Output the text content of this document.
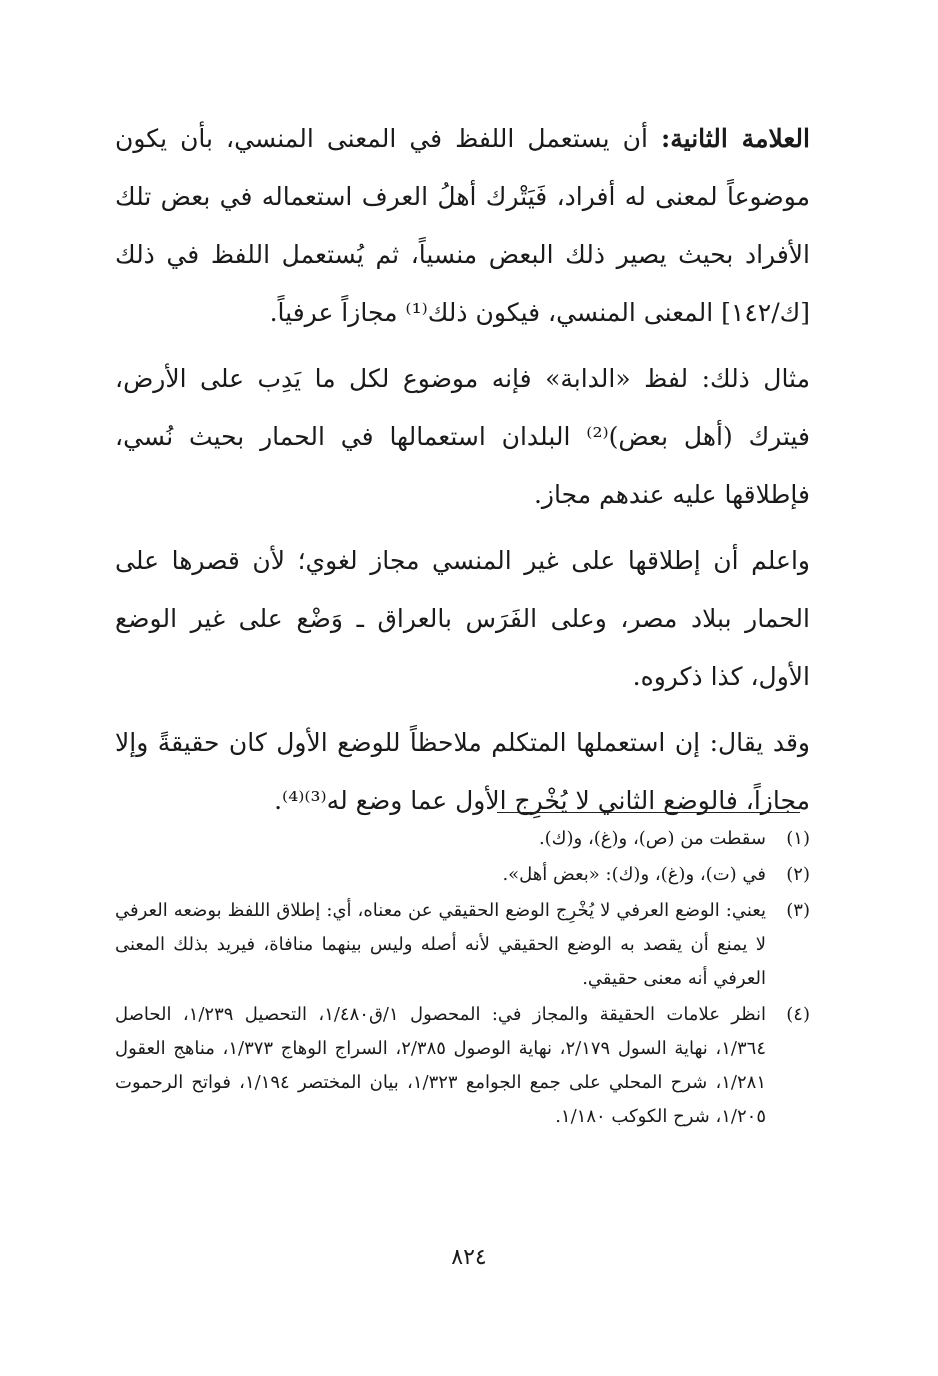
العلامة الثانية: أن يستعمل اللفظ في المعنى المنسي، بأن يكون موضوعاً لمعنى له أفراد، فَيَتْرك أهلُ العرف استعماله في بعض تلك الأفراد بحيث يصير ذلك البعض منسياً، ثم يُستعمل اللفظ في ذلك [ك/١٤٢] المعنى المنسي، فيكون ذلك⁽¹⁾ مجازاً عرفياً.

مثال ذلك: لفظ «الدابة» فإنه موضوع لكل ما يَدِب على الأرض، فيترك (أهل بعض)⁽²⁾ البلدان استعمالها في الحمار بحيث نُسي، فإطلاقها عليه عندهم مجاز.

واعلم أن إطلاقها على غير المنسي مجاز لغوي؛ لأن قصرها على الحمار ببلاد مصر، وعلى الفَرَس بالعراق ـ وَضْع على غير الوضع الأول، كذا ذكروه.

وقد يقال: إن استعملها المتكلم ملاحظاً للوضع الأول كان حقيقةً وإلا مجازاً، فالوضع الثاني لا يُخْرِج الأول عما وضع له⁽³⁾⁽⁴⁾.

(١)
سقطت من (ص)، و(غ)، و(ك).
(٢)
في (ت)، و(غ)، و(ك): «بعض أهل».
(٣)
يعني: الوضع العرفي لا يُخْرِج الوضع الحقيقي عن معناه، أي: إطلاق اللفظ بوضعه العرفي لا يمنع أن يقصد به الوضع الحقيقي لأنه أصله وليس بينهما منافاة، فيريد بذلك المعنى العرفي أنه معنى حقيقي.
(٤)
انظر علامات الحقيقة والمجاز في: المحصول ١/ق١/٤٨٠، التحصيل ١/٢٣٩، الحاصل ١/٣٦٤، نهاية السول ٢/١٧٩، نهاية الوصول ٢/٣٨٥، السراج الوهاج ١/٣٧٣، مناهج العقول ١/٢٨١، شرح المحلي على جمع الجوامع ١/٣٢٣، بيان المختصر ١/١٩٤، فواتح الرحموت ١/٢٠٥، شرح الكوكب ١/١٨٠.
٨٢٤
